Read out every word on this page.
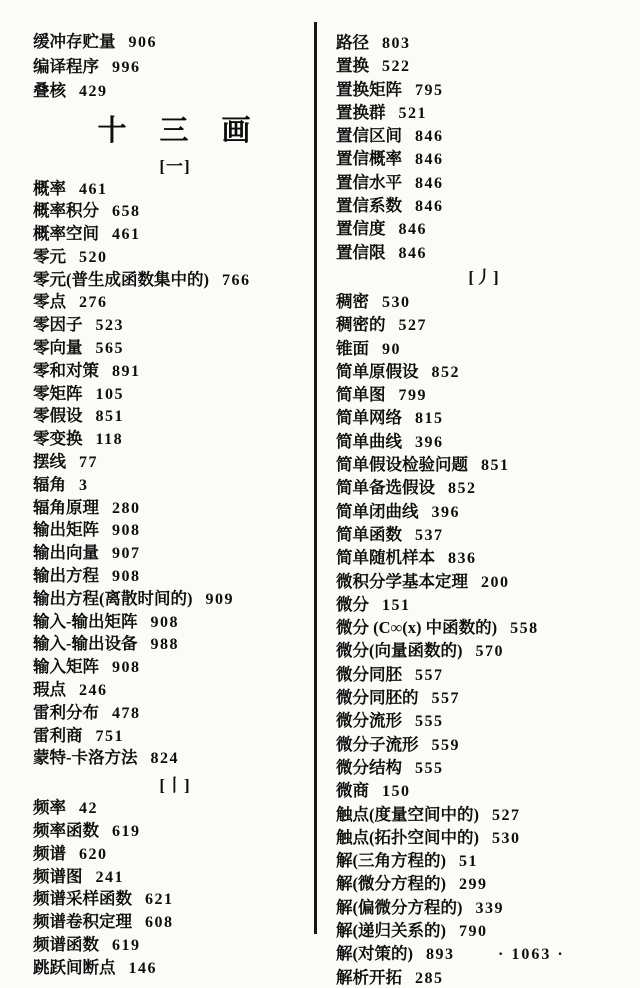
缓冲存贮量 906
编译程序 996
叠核 429
十　三　画
[一]
概率 461
概率积分 658
概率空间 461
零元 520
零元(普生成函数集中的) 766
零点 276
零因子 523
零向量 565
零和对策 891
零矩阵 105
零假设 851
零变换 118
摆线 77
辐角 3
辐角原理 280
输出矩阵 908
输出向量 907
输出方程 908
输出方程(离散时间的) 909
输入-输出矩阵 908
输入-输出设备 988
输入矩阵 908
瑕点 246
雷利分布 478
雷利商 751
蒙特-卡洛方法 824
[丨]
频率 42
频率函数 619
频谱 620
频谱图 241
频谱采样函数 621
频谱卷积定理 608
频谱函数 619
跳跃间断点 146
路径 803
置换 522
置换矩阵 795
置换群 521
置信区间 846
置信概率 846
置信水平 846
置信系数 846
置信度 846
置信限 846
[丿]
稠密 530
稠密的 527
锥面 90
简单原假设 852
简单图 799
简单网络 815
简单曲线 396
简单假设检验问题 851
简单备选假设 852
简单闭曲线 396
简单函数 537
简单随机样本 836
微积分学基本定理 200
微分 151
微分 (C∞(x) 中函数的) 558
微分(向量函数的) 570
微分同胚 557
微分同胚的 557
微分流形 555
微分子流形 559
微分结构 555
微商 150
触点(度量空间中的) 527
触点(拓扑空间中的) 530
解(三角方程的) 51
解(微分方程的) 299
解(偏微分方程的) 339
解(递归关系的) 790
解(对策的) 893
解析开拓 285
· 1063 ·
